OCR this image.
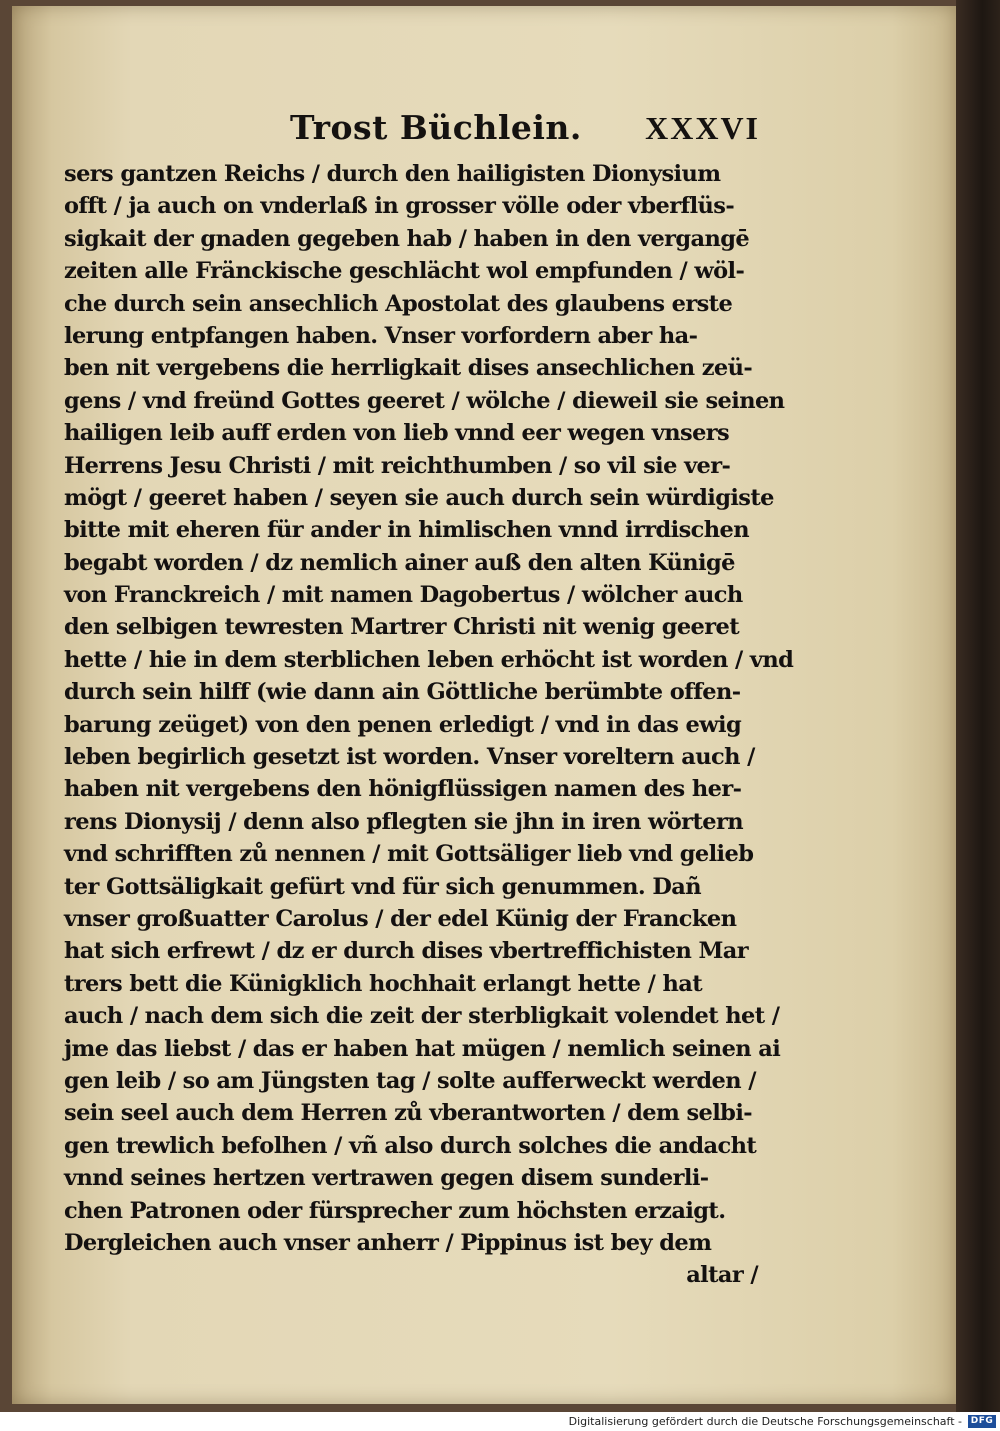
Trost Büchlein. XXXVI
sers gantzen Reichs / durch den hailigisten Dionysium
offt / ja auch on vnderlaß in grosser völle oder vberflüs-
sigkait der gnaden gegeben hab / haben in den vergangē
zeiten alle Fränckische geschlächt wol empfunden / wöl-
che durch sein ansechlich Apostolat des glaubens erste
lerung entpfangen haben. Vnser vorfordern aber ha-
ben nit vergebens die herrligkait dises ansechlichen zeü-
gens / vnd freünd Gottes geeret / wölche / dieweil sie seinen
hailigen leib auff erden von lieb vnnd eer wegen vnsers
Herrens Jesu Christi / mit reichthumben / so vil sie ver-
mögt / geeret haben / seyen sie auch durch sein würdigiste
bitte mit eheren für ander in himlischen vnnd irrdischen
begabt worden / dz nemlich ainer auß den alten Künigē
von Franckreich / mit namen Dagobertus / wölcher auch
den selbigen tewresten Martrer Christi nit wenig geeret
hette / hie in dem sterblichen leben erhöcht ist worden / vnd
durch sein hilff (wie dann ain Göttliche berümbte offen-
barung zeüget) von den penen erledigt / vnd in das ewig
leben begirlich gesetzt ist worden. Vnser voreltern auch /
haben nit vergebens den hönigflüssigen namen des her-
rens Dionysij / denn also pflegten sie jhn in iren wörtern
vnd schrifften zů nennen / mit Gottsäliger lieb vnd gelieb
ter Gottsäligkait gefürt vnd für sich genummen. Dañ
vnser großuatter Carolus / der edel Künig der Francken
hat sich erfrewt / dz er durch dises vbertreffichisten Mar
trers bett die Künigklich hochhait erlangt hette / hat
auch / nach dem sich die zeit der sterbligkait volendet het /
jme das liebst / das er haben hat mügen / nemlich seinen ai
gen leib / so am Jüngsten tag / solte aufferweckt werden /
sein seel auch dem Herren zů vberantworten / dem selbi-
gen trewlich befolhen / vñ also durch solches die andacht
vnnd seines hertzen vertrawen gegen disem sunderli-
chen Patronen oder fürsprecher zum höchsten erzaigt.
Dergleichen auch vnser anherr / Pippinus ist bey dem
altar /
Digitalisierung gefördert durch die Deutsche Forschungsgemeinschaft - DFG
